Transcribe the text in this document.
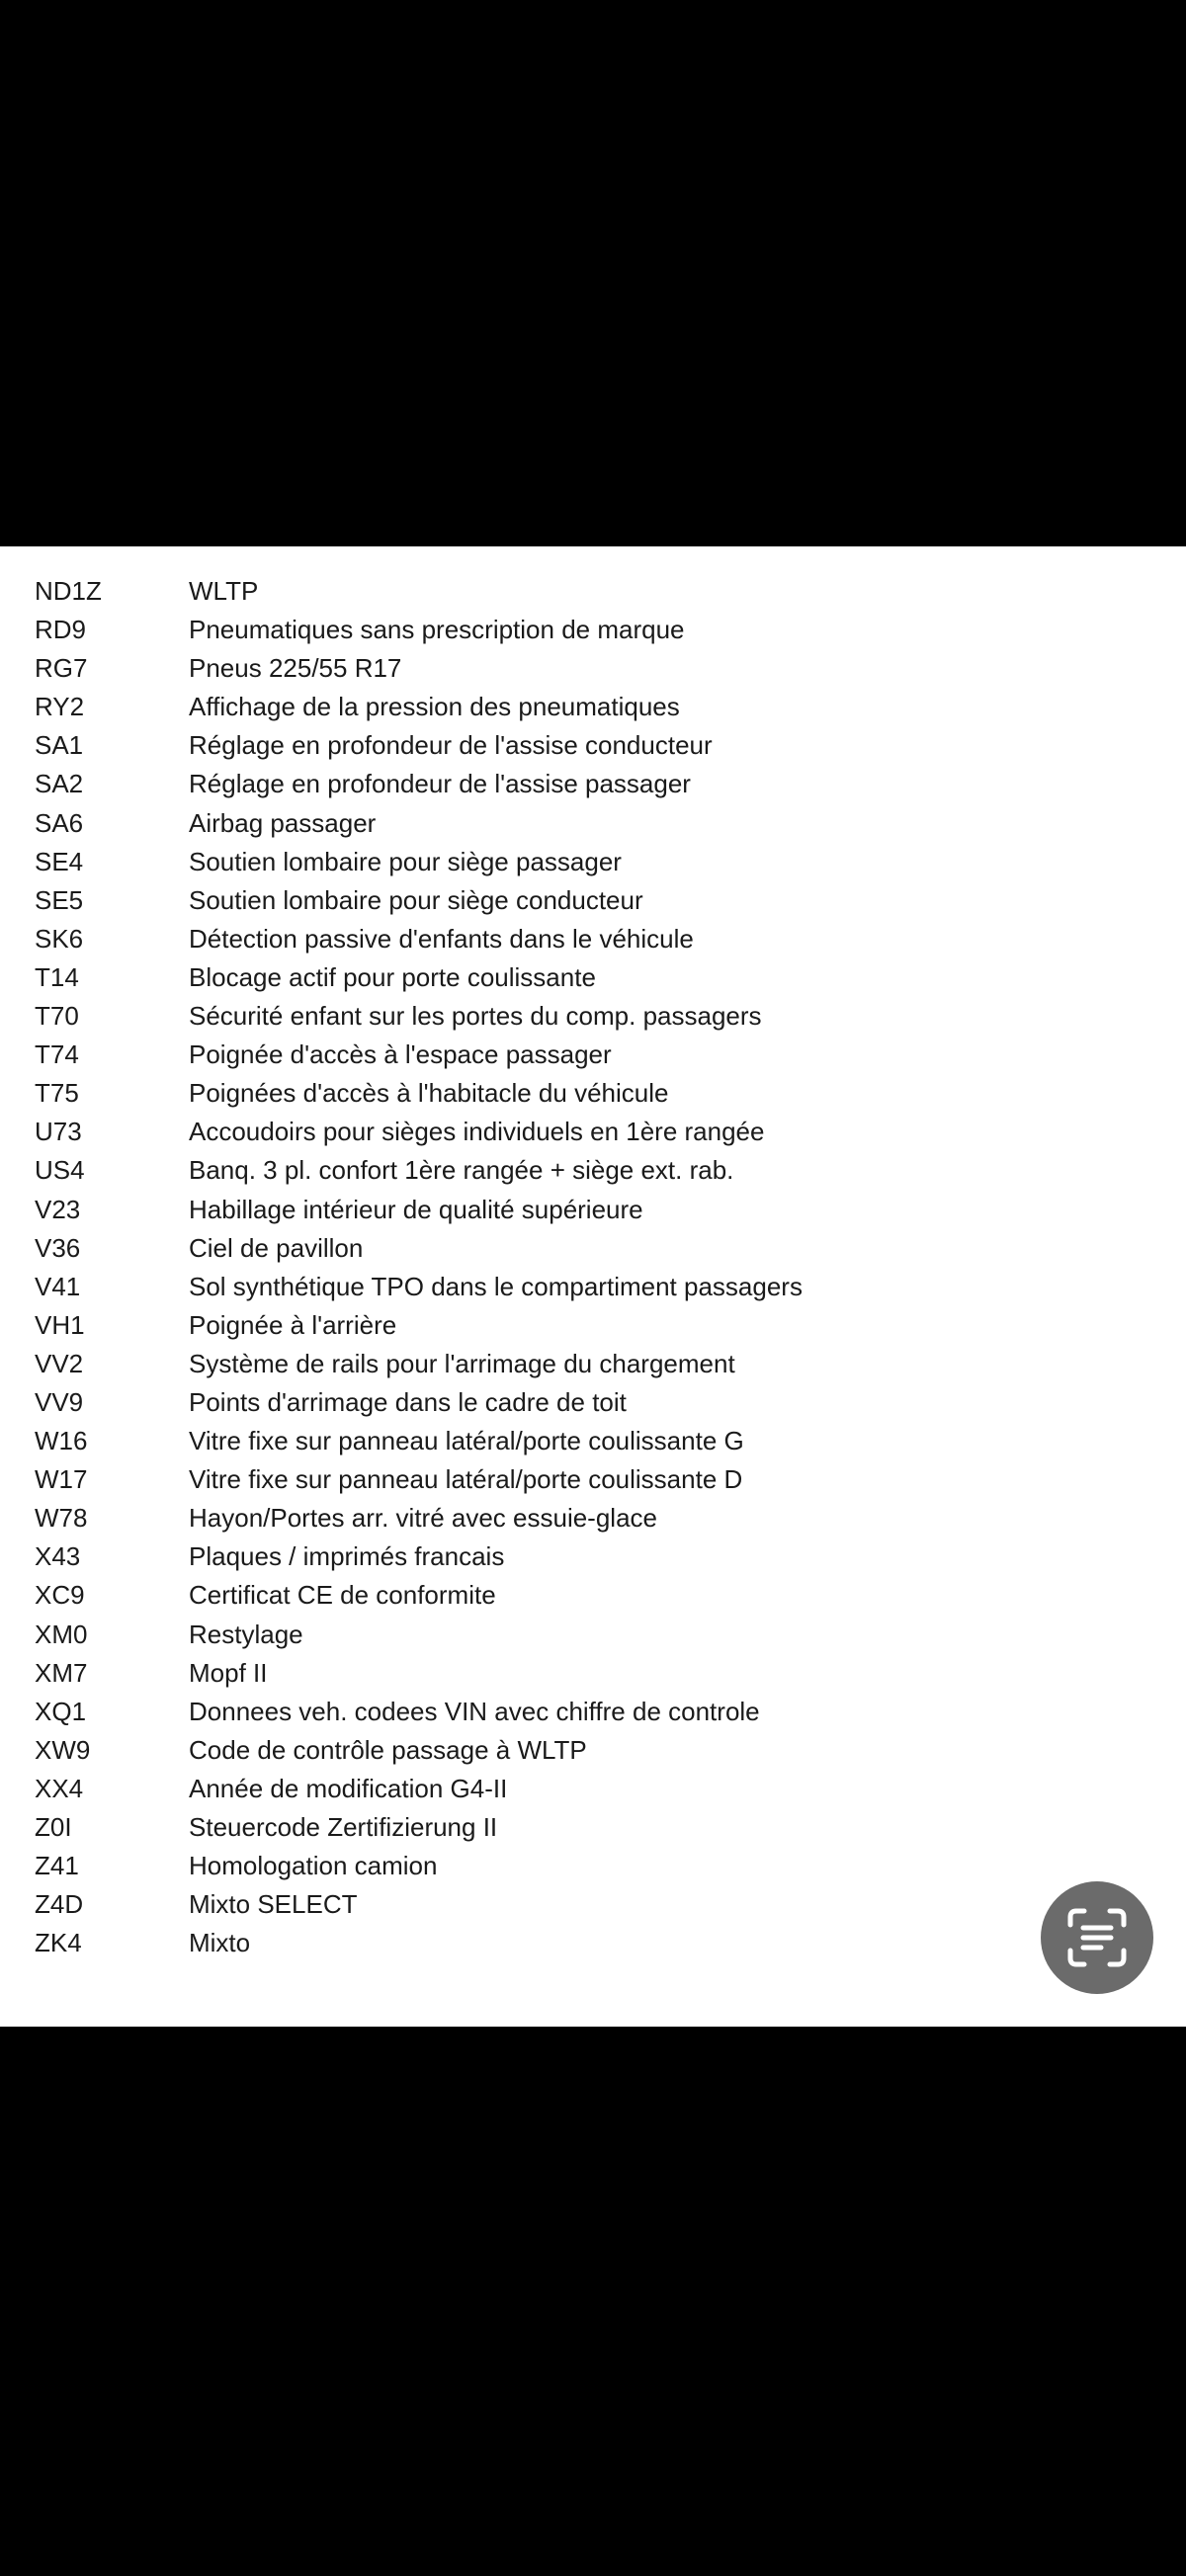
ND1Z	WLTP
RD9	Pneumatiques sans prescription de marque
RG7	Pneus 225/55 R17
RY2	Affichage de la pression des pneumatiques
SA1	Réglage en profondeur de l'assise conducteur
SA2	Réglage en profondeur de l'assise passager
SA6	Airbag passager
SE4	Soutien lombaire pour siège passager
SE5	Soutien lombaire pour siège conducteur
SK6	Détection passive d'enfants dans le véhicule
T14	Blocage actif pour porte coulissante
T70	Sécurité enfant sur les portes du comp. passagers
T74	Poignée d'accès à l'espace passager
T75	Poignées d'accès à l'habitacle du véhicule
U73	Accoudoirs pour sièges individuels en 1ère rangée
US4	Banq. 3 pl. confort 1ère rangée + siège ext. rab.
V23	Habillage intérieur de qualité supérieure
V36	Ciel de pavillon
V41	Sol synthétique TPO dans le compartiment passagers
VH1	Poignée à l'arrière
VV2	Système de rails pour l'arrimage du chargement
VV9	Points d'arrimage dans le cadre de toit
W16	Vitre fixe sur panneau latéral/porte coulissante G
W17	Vitre fixe sur panneau latéral/porte coulissante D
W78	Hayon/Portes arr. vitré avec essuie-glace
X43	Plaques / imprimés francais
XC9	Certificat CE de conformite
XM0	Restylage
XM7	Mopf II
XQ1	Donnees veh. codees VIN avec chiffre de controle
XW9	Code de contrôle passage à WLTP
XX4	Année de modification G4-II
Z0I	Steuercode Zertifizierung II
Z41	Homologation camion
Z4D	Mixto SELECT
ZK4	Mixto
